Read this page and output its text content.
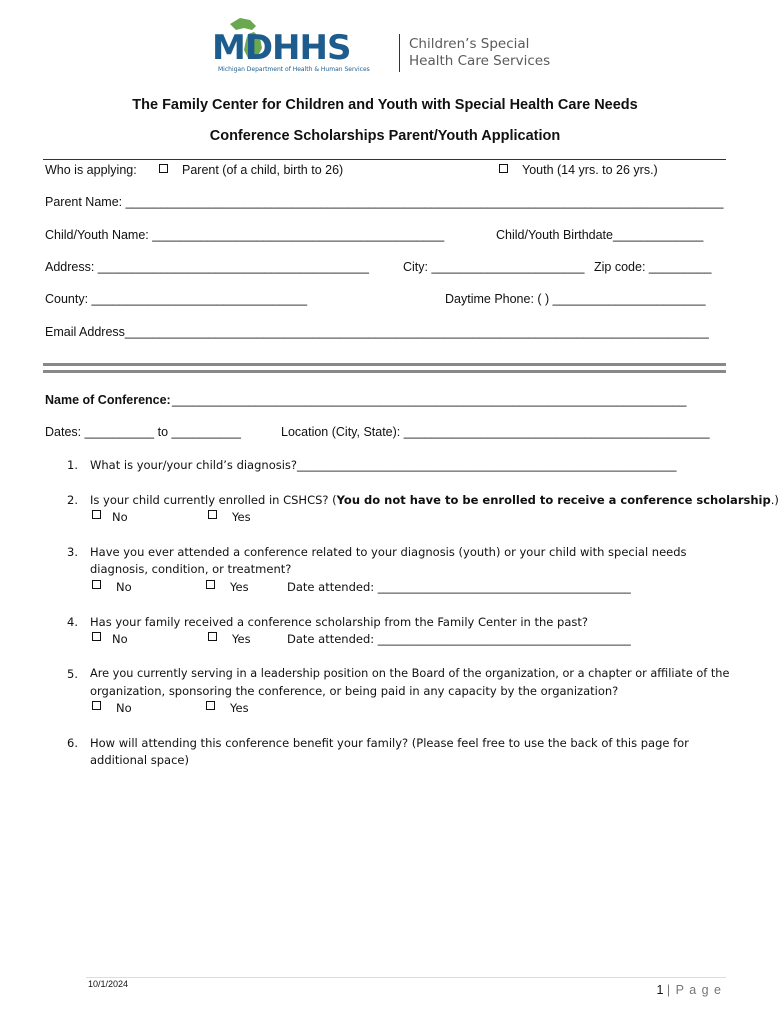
MDHHS
Michigan Department of Health & Human Services
Children’s Special
Health Care Services
The Family Center for Children and Youth with Special Health Care Needs
Conference Scholarships Parent/Youth Application
Who is applying:	Parent (of a child, birth to 26)	Youth (14 yrs. to 26 yrs.)
Parent Name: ______________________________________________________________________________________
Child/Youth Name: __________________________________________	Child/Youth Birthdate_____________
Address: _______________________________________	City: ______________________ Zip code: _________
County: _______________________________	Daytime Phone: ( ) ______________________
Email Address____________________________________________________________________________________
Name of Conference: __________________________________________________________________________
Dates: __________ to __________	Location (City, State): ____________________________________________
1. What is your/your child’s diagnosis?__________________________________________________________________
2. Is your child currently enrolled in CSHCS? (You do not have to be enrolled to receive a conference scholarship.)
No	Yes
3. Have you ever attended a conference related to your diagnosis (youth) or your child with special needs
diagnosis, condition, or treatment?
No	Yes	Date attended: ____________________________________________
4. Has your family received a conference scholarship from the Family Center in the past?
No	Yes	Date attended: ____________________________________________
5. Are you currently serving in a leadership position on the Board of the organization, or a chapter or affiliate of the
organization, sponsoring the conference, or being paid in any capacity by the organization?
No	Yes
6. How will attending this conference benefit your family? (Please feel free to use the back of this page for
additional space)
10/1/2024	1 | P a g e
